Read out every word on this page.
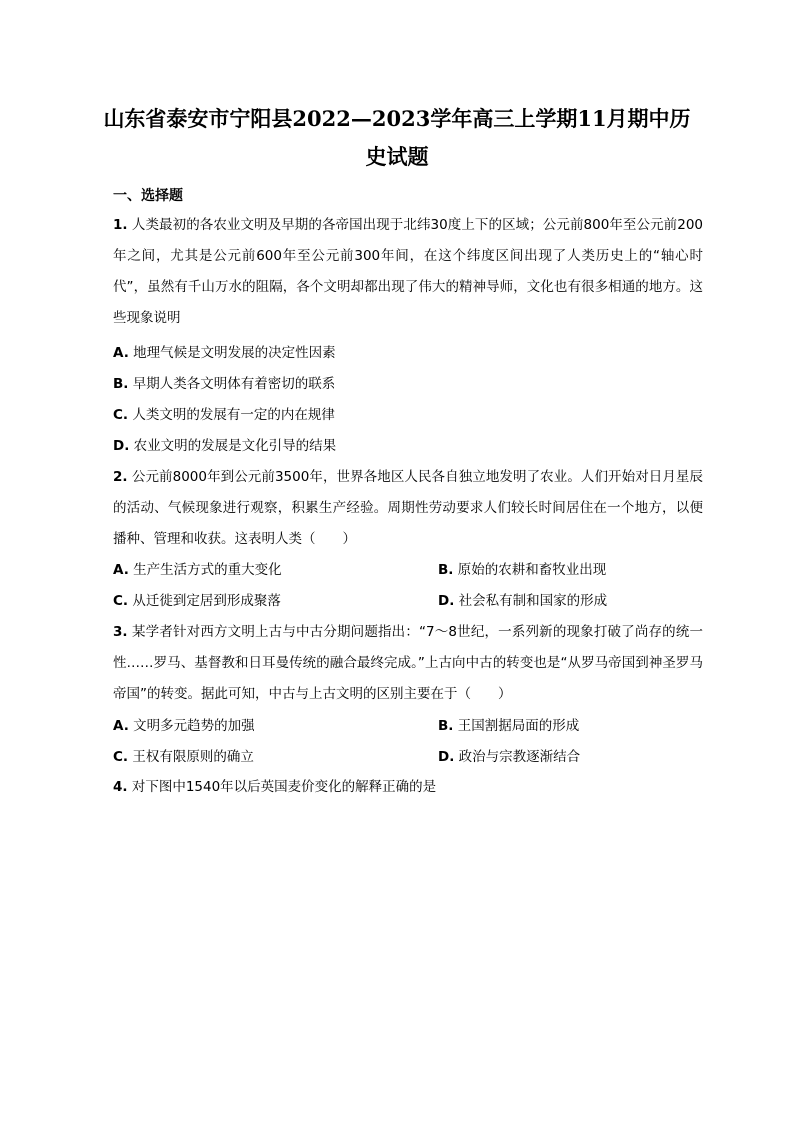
山东省泰安市宁阳县2022—2023学年高三上学期11月期中历
史试题
一、选择题
1. 人类最初的各农业文明及早期的各帝国出现于北纬30度上下的区域；公元前800年至公元前200年之间，尤其是公元前600年至公元前300年间，在这个纬度区间出现了人类历史上的“轴心时代”，虽然有千山万水的阻隔，各个文明却都出现了伟大的精神导师，文化也有很多相通的地方。这些现象说明
A. 地理气候是文明发展的决定性因素
B. 早期人类各文明体有着密切的联系
C. 人类文明的发展有一定的内在规律
D. 农业文明的发展是文化引导的结果
2. 公元前8000年到公元前3500年，世界各地区人民各自独立地发明了农业。人们开始对日月星辰的活动、气候现象进行观察，积累生产经验。周期性劳动要求人们较长时间居住在一个地方，以便播种、管理和收获。这表明人类（　　）
A. 生产生活方式的重大变化	B. 原始的农耕和畜牧业出现
C. 从迁徙到定居到形成聚落	D. 社会私有制和国家的形成
3. 某学者针对西方文明上古与中古分期问题指出：“7～8世纪，一系列新的现象打破了尚存的统一性……罗马、基督教和日耳曼传统的融合最终完成。”上古向中古的转变也是“从罗马帝国到神圣罗马帝国”的转变。据此可知，中古与上古文明的区别主要在于（　　）
A. 文明多元趋势的加强	B. 王国割据局面的形成
C. 王权有限原则的确立	D. 政治与宗教逐渐结合
4. 对下图中1540年以后英国麦价变化的解释正确的是
